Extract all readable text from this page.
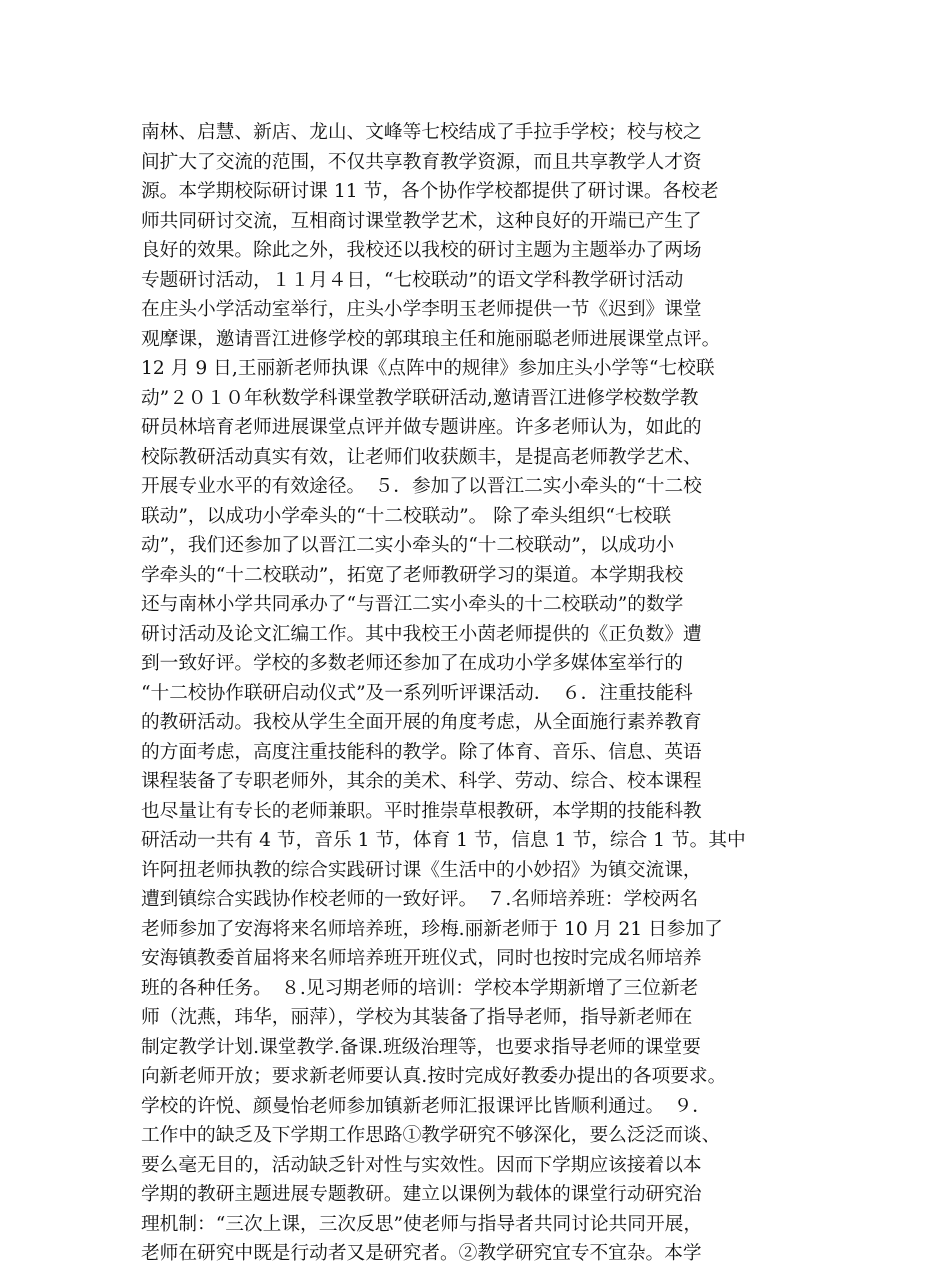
南林、启慧、新店、龙山、文峰等七校结成了手拉手学校；校与校之
间扩大了交流的范围，不仅共享教育教学资源，而且共享教学人才资
源。本学期校际研讨课 11 节，各个协作学校都提供了研讨课。各校老
师共同研讨交流，互相商讨课堂教学艺术，这种良好的开端已产生了
良好的效果。除此之外，我校还以我校的研讨主题为主题举办了两场
专题研讨活动，１１月４日，“七校联动”的语文学科教学研讨活动
在庄头小学活动室举行，庄头小学李明玉老师提供一节《迟到》课堂
观摩课，邀请晋江进修学校的郭琪琅主任和施丽聪老师进展课堂点评。
12 月 9 日,王丽新老师执课《点阵中的规律》参加庄头小学等“七校联
动”２０１０年秋数学科课堂教学联研活动,邀请晋江进修学校数学教
研员林培育老师进展课堂点评并做专题讲座。许多老师认为，如此的
校际教研活动真实有效，让老师们收获颇丰，是提高老师教学艺术、
开展专业水平的有效途径。　５．参加了以晋江二实小牵头的“十二校
联动”，以成功小学牵头的“十二校联动”。 除了牵头组织“七校联
动”，我们还参加了以晋江二实小牵头的“十二校联动”，以成功小
学牵头的“十二校联动”，拓宽了老师教研学习的渠道。本学期我校
还与南林小学共同承办了“与晋江二实小牵头的十二校联动”的数学
研讨活动及论文汇编工作。其中我校王小茵老师提供的《正负数》遭
到一致好评。学校的多数老师还参加了在成功小学多媒体室举行的
“十二校协作联研启动仪式”及一系列听评课活动．　６．注重技能科
的教研活动。我校从学生全面开展的角度考虑，从全面施行素养教育
的方面考虑，高度注重技能科的教学。除了体育、音乐、信息、英语
课程装备了专职老师外，其余的美术、科学、劳动、综合、校本课程
也尽量让有专长的老师兼职。平时推崇草根教研，本学期的技能科教
研活动一共有 4 节，音乐 1 节，体育 1 节，信息 1 节，综合 1 节。其中
许阿扭老师执教的综合实践研讨课《生活中的小妙招》为镇交流课，
遭到镇综合实践协作校老师的一致好评。　７.名师培养班：学校两名
老师参加了安海将来名师培养班，珍梅.丽新老师于 10 月 21 日参加了
安海镇教委首届将来名师培养班开班仪式，同时也按时完成名师培养
班的各种任务。　８.见习期老师的培训：学校本学期新增了三位新老
师（沈燕，玮华，丽萍），学校为其装备了指导老师，指导新老师在
制定教学计划.课堂教学.备课.班级治理等，也要求指导老师的课堂要
向新老师开放；要求新老师要认真.按时完成好教委办提出的各项要求。
学校的许悦、颜曼怡老师参加镇新老师汇报课评比皆顺利通过。　９．
工作中的缺乏及下学期工作思路①教学研究不够深化，要么泛泛而谈、
要么毫无目的，活动缺乏针对性与实效性。因而下学期应该接着以本
学期的教研主题进展专题教研。建立以课例为载体的课堂行动研究治
理机制：“三次上课，三次反思”使老师与指导者共同讨论共同开展，
老师在研究中既是行动者又是研究者。②教学研究宜专不宜杂。本学
